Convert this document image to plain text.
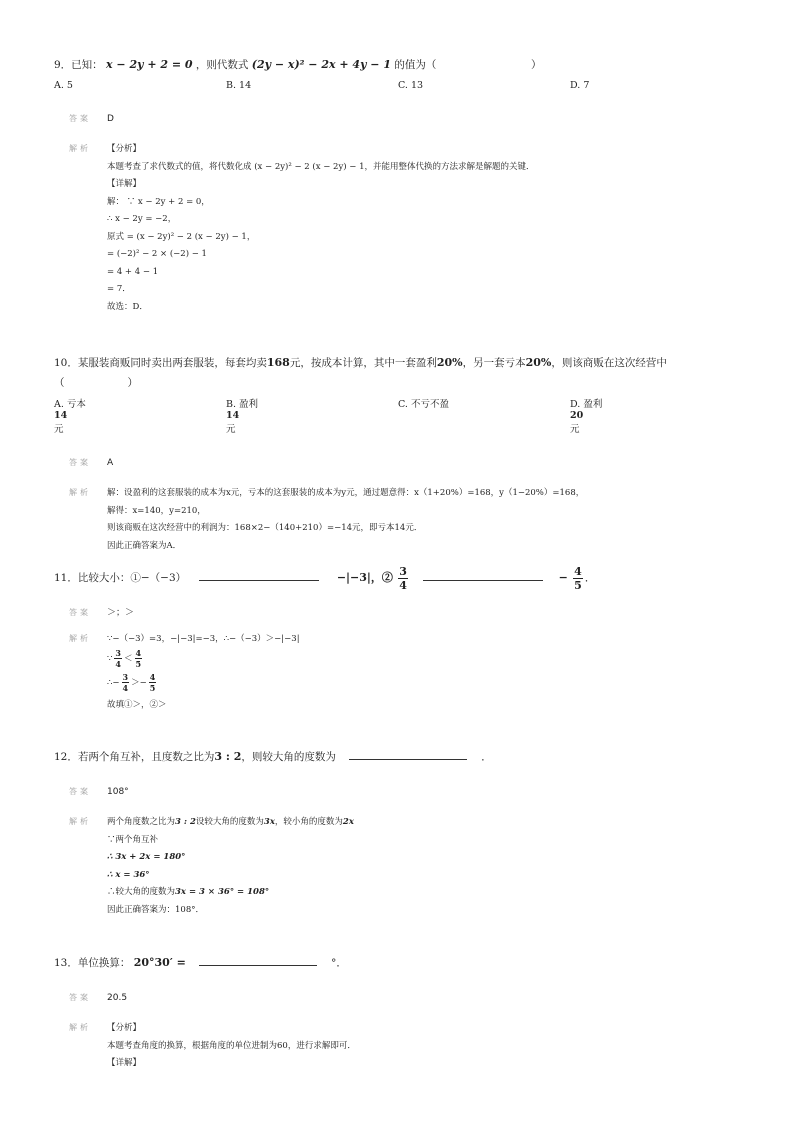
9．已知： x − 2y + 2 = 0 ，则代数式 (2y − x)² − 2x + 4y − 1 的值为（	）
A. 5	B. 14	C. 13	D. 7
答案	D
解析	【分析】
本题考查了求代数式的值，将代数化成 (x − 2y)² − 2 (x − 2y) − 1，并能用整体代换的方法求解是解题的关键．
【详解】
解： ∵ x − 2y + 2 = 0，
∴ x − 2y = −2，
原式 = (x − 2y)² − 2 (x − 2y) − 1，
= (−2)² − 2 × (−2) − 1
= 4 + 4 − 1
= 7．
故选：D．
10．某服装商贩同时卖出两套服装，每套均卖168元，按成本计算，其中一套盈利20%，另一套亏本20%，则该商贩在这次经营中
（　　　　　　）
A. 亏本
14
元
B. 盈利
14
元
C. 不亏不盈	D. 盈利
20
元
答案	A
解析	解：设盈利的这套服装的成本为x元，亏本的这套服装的成本为y元，通过题意得：x（1+20%）=168，y（1−20%）=168，
解得：x=140，y=210，
则该商贩在这次经营中的利润为：168×2−（140+210）=−14元，即亏本14元．
因此正确答案为A．
11．比较大小：①−（−3）	−|−3|，② $\frac{3}{4}$	− $\frac{4}{5}$ ．
答案	＞；＞
解析	∵−（−3）=3，−|−3|=−3，∴−（−3）＞−|−3|
∵ $\frac{3}{4} < \frac{4}{5}$
∴− $\frac{3}{4} >- \frac{4}{5}$
故填①＞，②＞
12．若两个角互补，且度数之比为3 : 2，则较大角的度数为	．
答案	108°
解析	两个角度数之比为3 : 2设较大角的度数为3x，较小角的度数为2x
∵两个角互补
∴ 3x + 2x = 180°
∴ x = 36°
∴较大角的度数为3x = 3 × 36° = 108°
因此正确答案为：108°．
13．单位换算： 20°30′ =	°．
答案	20.5
解析	【分析】
本题考查角度的换算，根据角度的单位进制为60，进行求解即可．
【详解】
